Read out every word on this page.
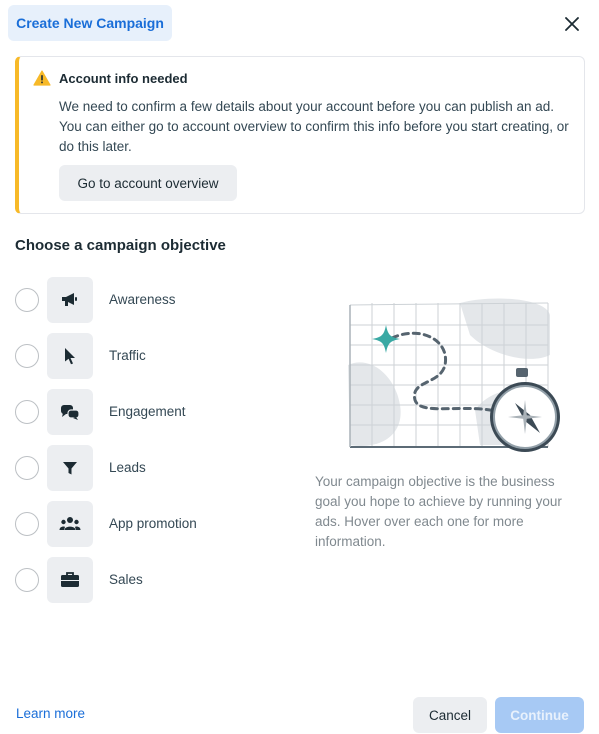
Create New Campaign
Account info needed
We need to confirm a few details about your account before you can publish an ad. You can either go to account overview to confirm this info before you start creating, or do this later.
Go to account overview
Choose a campaign objective
Awareness
Traffic
Engagement
Leads
App promotion
Sales
Your campaign objective is the business goal you hope to achieve by running your ads. Hover over each one for more information.
Learn more	Cancel	Continue
